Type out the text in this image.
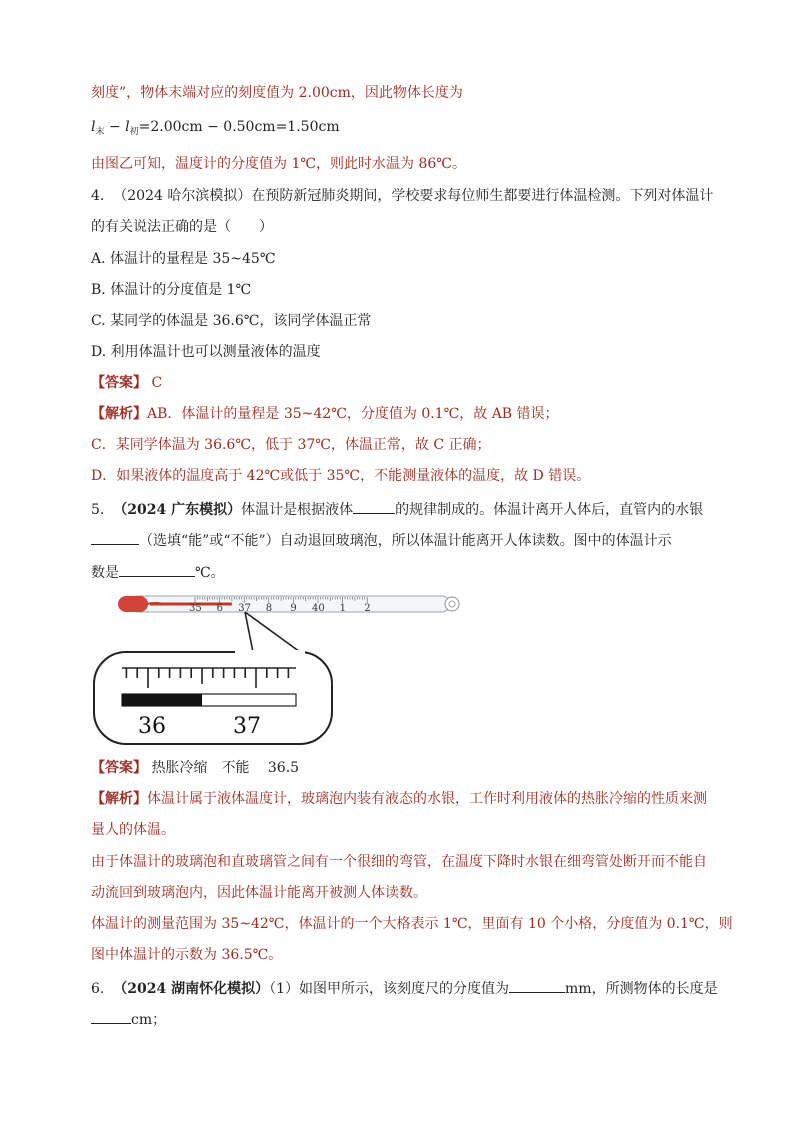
刻度”，物体末端对应的刻度值为 2.00cm，因此物体长度为
$l_末 - l_初=2.00cm - 0.50cm=1.50cm$
由图乙可知，温度计的分度值为 1℃，则此时水温为 86℃。
4. （2024 哈尔滨模拟）在预防新冠肺炎期间，学校要求每位师生都要进行体温检测。下列对体温计
的有关说法正确的是（　　）
A. 体温计的量程是 35~45℃
B. 体温计的分度值是 1℃
C. 某同学的体温是 36.6℃，该同学体温正常
D. 利用体温计也可以测量液体的温度
【答案】 C
【解析】AB．体温计的量程是 35~42℃，分度值为 0.1℃，故 AB 错误；
C．某同学体温为 36.6℃，低于 37℃，体温正常，故 C 正确；
D．如果液体的温度高于 42℃或低于 35℃，不能测量液体的温度，故 D 错误。
5. （2024 广东模拟）体温计是根据液体	的规律制成的。体温计离开人体后，直管内的水银
（选填“能”或“不能”）自动退回玻璃泡，所以体温计能离开人体读数。图中的体温计示
数是	℃。
35 6 37 8 9 40 1 2
36	37
【答案】 热胀冷缩　不能　 36.5
【解析】体温计属于液体温度计，玻璃泡内装有液态的水银，工作时利用液体的热胀冷缩的性质来测
量人的体温。
由于体温计的玻璃泡和直玻璃管之间有一个很细的弯管，在温度下降时水银在细弯管处断开而不能自
动流回到玻璃泡内，因此体温计能离开被测人体读数。
体温计的测量范围为 35~42℃，体温计的一个大格表示 1℃，里面有 10 个小格，分度值为 0.1℃，则
图中体温计的示数为 36.5℃。
6. （2024 湖南怀化模拟）（1）如图甲所示，该刻度尺的分度值为	mm，所测物体的长度是
cm；
